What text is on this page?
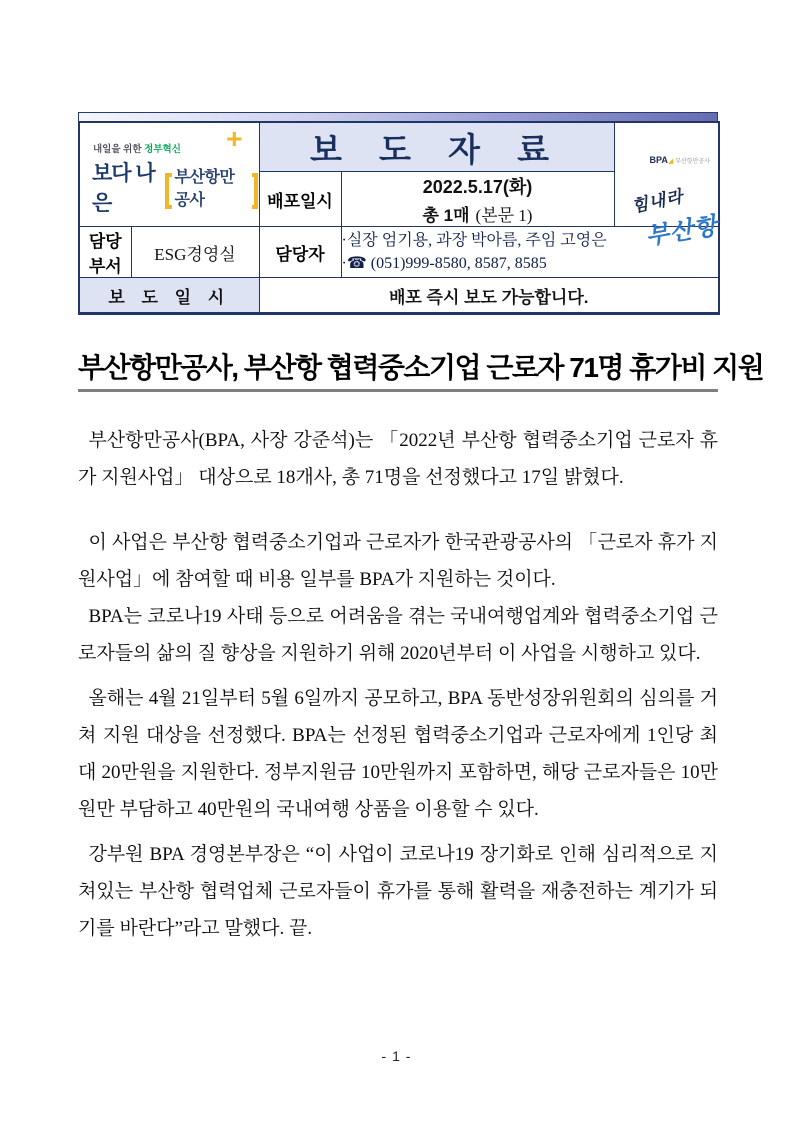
내일을 위한 정부혁신
보다 나은
부산항만공사
+	보 도 자 료	
힘내라
부산항
BPA◢ 부산항만공사

		배포일시	2022.5.17(화)
총 1매 (본문 1)	

담당
부서	ESG경영실	담당자	
·실장 엄기용, 과장 박아름, 주임 고영은
·☎ (051)999-8580, 8587, 8585

보 도 일 시		배포 즉시 보도 가능합니다.		
부산항만공사, 부산항 협력중소기업 근로자 71명 휴가비 지원

부산항만공사(BPA, 사장 강준석)는 「2022년 부산항 협력중소기업 근로자 휴가 지원사업」 대상으로 18개사, 총 71명을 선정했다고 17일 밝혔다.

이 사업은 부산항 협력중소기업과 근로자가 한국관광공사의 「근로자 휴가 지원사업」에 참여할 때 비용 일부를 BPA가 지원하는 것이다.

BPA는 코로나19 사태 등으로 어려움을 겪는 국내여행업계와 협력중소기업 근로자들의 삶의 질 향상을 지원하기 위해 2020년부터 이 사업을 시행하고 있다.

올해는 4월 21일부터 5월 6일까지 공모하고, BPA 동반성장위원회의 심의를 거쳐 지원 대상을 선정했다. BPA는 선정된 협력중소기업과 근로자에게 1인당 최대 20만원을 지원한다. 정부지원금 10만원까지 포함하면, 해당 근로자들은 10만원만 부담하고 40만원의 국내여행 상품을 이용할 수 있다.

강부원 BPA 경영본부장은 “이 사업이 코로나19 장기화로 인해 심리적으로 지쳐있는 부산항 협력업체 근로자들이 휴가를 통해 활력을 재충전하는 계기가 되기를 바란다”라고 말했다. 끝.

- 1 -
